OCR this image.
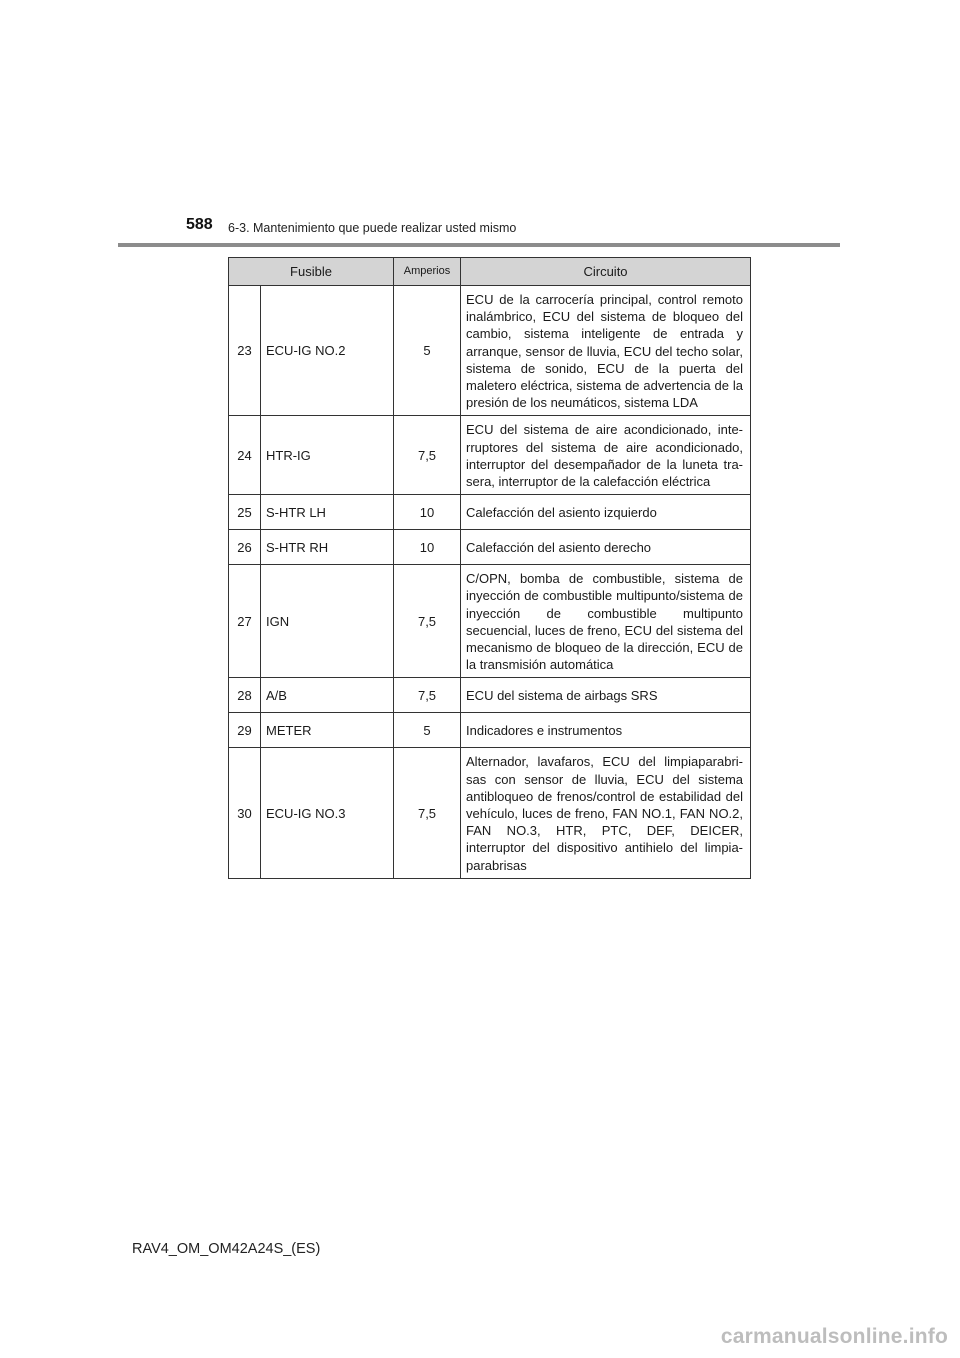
588 6-3. Mantenimiento que puede realizar usted mismo
Fusible		Amperios	Circuito
23	ECU-IG NO.2	5	ECU de la carrocería principal, control remoto inalámbrico, ECU del sistema de bloqueo del cambio, sistema inteligente de entrada y arranque, sensor de lluvia, ECU del techo solar, sistema de sonido, ECU de la puerta del maletero eléctrica, sistema de advertencia de la presión de los neumáticos, sistema LDA
24	HTR-IG	7,5	ECU del sistema de aire acondicionado, inte-rruptores del sistema de aire acondicionado, interruptor del desempañador de la luneta tra-sera, interruptor de la calefacción eléctrica
25	S-HTR LH	10	Calefacción del asiento izquierdo
26	S-HTR RH	10	Calefacción del asiento derecho
27	IGN	7,5	C/OPN, bomba de combustible, sistema de inyección de combustible multipunto/sistema de inyección de combustible multipunto secuencial, luces de freno, ECU del sistema del mecanismo de bloqueo de la dirección, ECU de la transmisión automática
28	A/B	7,5	ECU del sistema de airbags SRS
29	METER	5	Indicadores e instrumentos
30	ECU-IG NO.3	7,5	Alternador, lavafaros, ECU del limpiaparabri-sas con sensor de lluvia, ECU del sistema antibloqueo de frenos/control de estabilidad del vehículo, luces de freno, FAN NO.1, FAN NO.2, FAN NO.3, HTR, PTC, DEF, DEICER, interruptor del dispositivo antihielo del limpia-parabrisas
RAV4_OM_OM42A24S_(ES)
carmanualsonline.info
